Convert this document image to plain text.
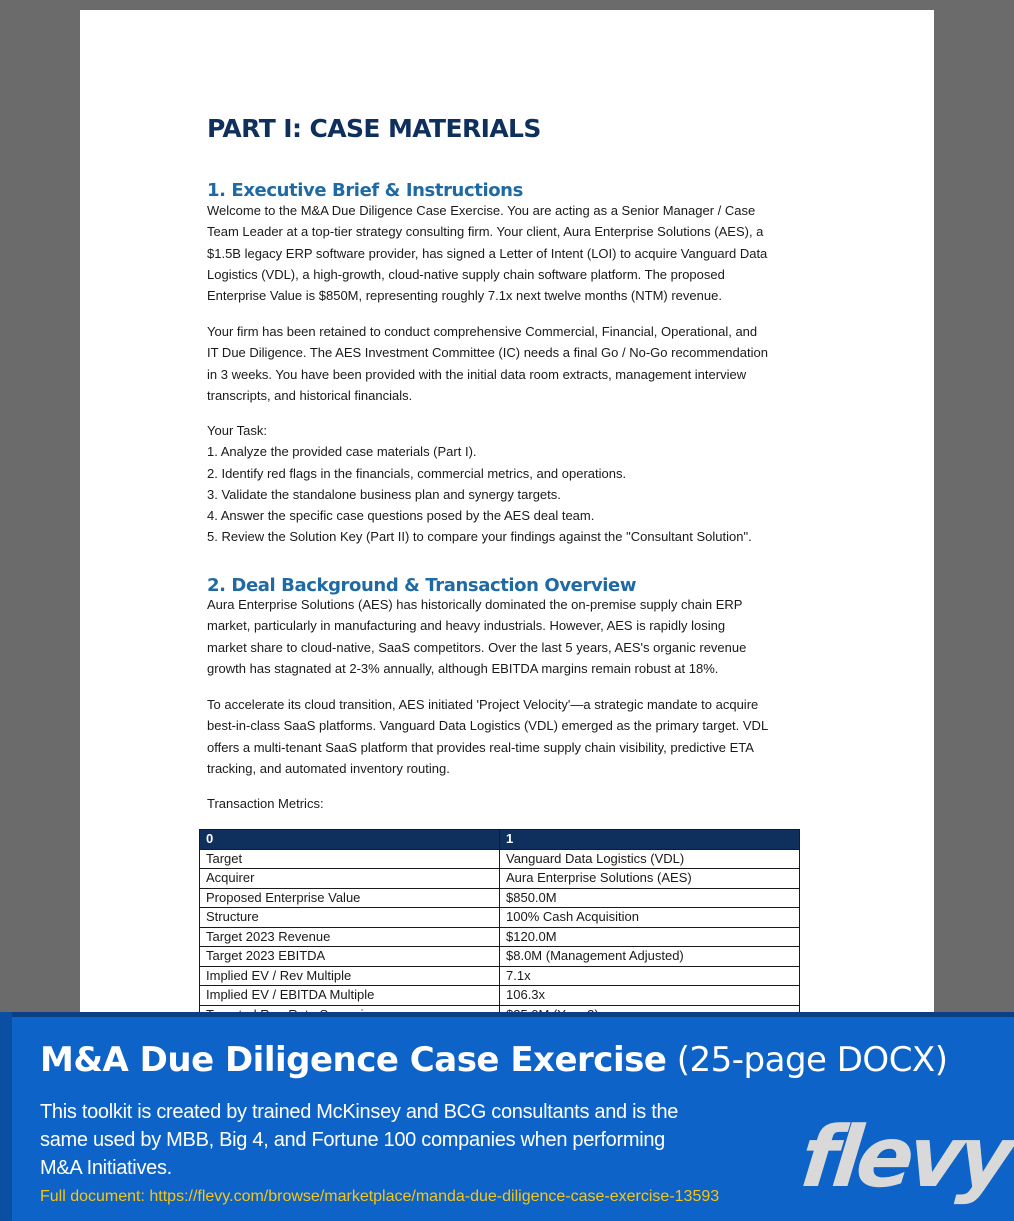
PART I: CASE MATERIALS
1. Executive Brief & Instructions
Welcome to the M&A Due Diligence Case Exercise. You are acting as a Senior Manager / Case
Team Leader at a top-tier strategy consulting firm. Your client, Aura Enterprise Solutions (AES), a
$1.5B legacy ERP software provider, has signed a Letter of Intent (LOI) to acquire Vanguard Data
Logistics (VDL), a high-growth, cloud-native supply chain software platform. The proposed
Enterprise Value is $850M, representing roughly 7.1x next twelve months (NTM) revenue.
Your firm has been retained to conduct comprehensive Commercial, Financial, Operational, and
IT Due Diligence. The AES Investment Committee (IC) needs a final Go / No-Go recommendation
in 3 weeks. You have been provided with the initial data room extracts, management interview
transcripts, and historical financials.
Your Task:
1. Analyze the provided case materials (Part I).
2. Identify red flags in the financials, commercial metrics, and operations.
3. Validate the standalone business plan and synergy targets.
4. Answer the specific case questions posed by the AES deal team.
5. Review the Solution Key (Part II) to compare your findings against the "Consultant Solution".
2. Deal Background & Transaction Overview
Aura Enterprise Solutions (AES) has historically dominated the on-premise supply chain ERP
market, particularly in manufacturing and heavy industrials. However, AES is rapidly losing
market share to cloud-native, SaaS competitors. Over the last 5 years, AES's organic revenue
growth has stagnated at 2-3% annually, although EBITDA margins remain robust at 18%.
To accelerate its cloud transition, AES initiated 'Project Velocity'—a strategic mandate to acquire
best-in-class SaaS platforms. Vanguard Data Logistics (VDL) emerged as the primary target. VDL
offers a multi-tenant SaaS platform that provides real-time supply chain visibility, predictive ETA
tracking, and automated inventory routing.
Transaction Metrics:
0	1
Target	Vanguard Data Logistics (VDL)
Acquirer	Aura Enterprise Solutions (AES)
Proposed Enterprise Value	$850.0M
Structure	100% Cash Acquisition
Target 2023 Revenue	$120.0M
Target 2023 EBITDA	$8.0M (Management Adjusted)
Implied EV / Rev Multiple	7.1x
Implied EV / EBITDA Multiple	106.3x

M&A Due Diligence Case Exercise (25-page DOCX)
This toolkit is created by trained McKinsey and BCG consultants and is the
same used by MBB, Big 4, and Fortune 100 companies when performing
M&A Initiatives.
Full document: https://flevy.com/browse/marketplace/manda-due-diligence-case-exercise-13593 flevy
